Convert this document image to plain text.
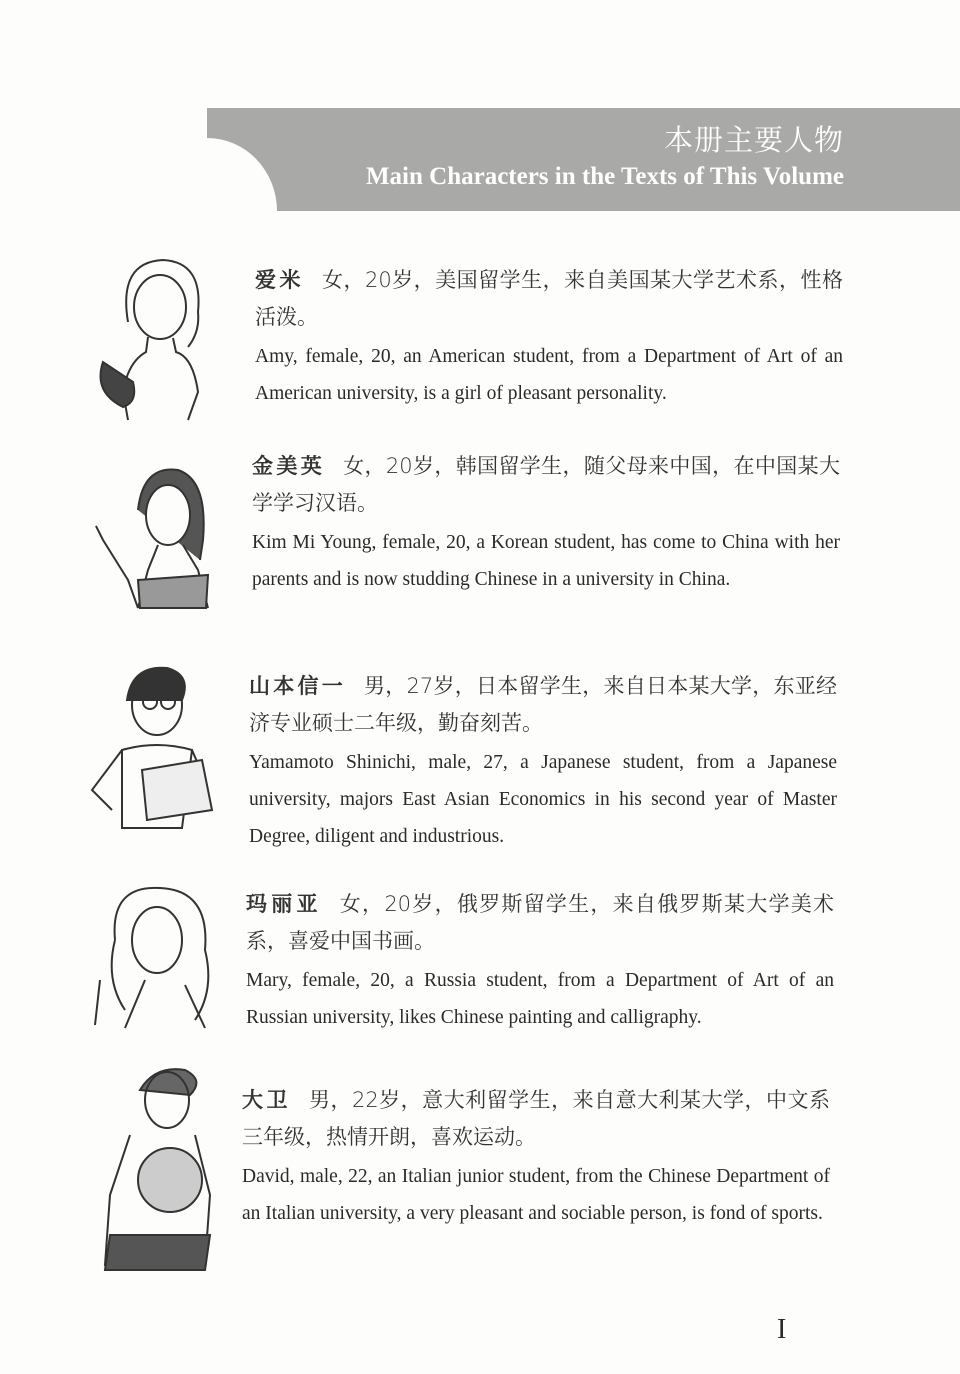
本册主要人物
Main Characters in the Texts of This Volume
爱米 女，20岁，美国留学生，来自美国某大学艺术系，性格活泼。
Amy, female, 20, an American student, from a Department of Art of an American university, is a girl of pleasant personality.
金美英 女，20岁，韩国留学生，随父母来中国，在中国某大学学习汉语。
Kim Mi Young, female, 20, a Korean student, has come to China with her parents and is now studding Chinese in a university in China.
山本信一 男，27岁，日本留学生，来自日本某大学，东亚经济专业硕士二年级，勤奋刻苦。
Yamamoto Shinichi, male, 27, a Japanese student, from a Japanese university, majors East Asian Economics in his second year of Master Degree, diligent and industrious.
玛丽亚 女，20岁，俄罗斯留学生，来自俄罗斯某大学美术系，喜爱中国书画。
Mary, female, 20, a Russia student, from a Department of Art of an Russian university, likes Chinese painting and calligraphy.
大卫 男，22岁，意大利留学生，来自意大利某大学，中文系三年级，热情开朗，喜欢运动。
David, male, 22, an Italian junior student, from the Chinese Department of an Italian university, a very pleasant and sociable person, is fond of sports.
I
